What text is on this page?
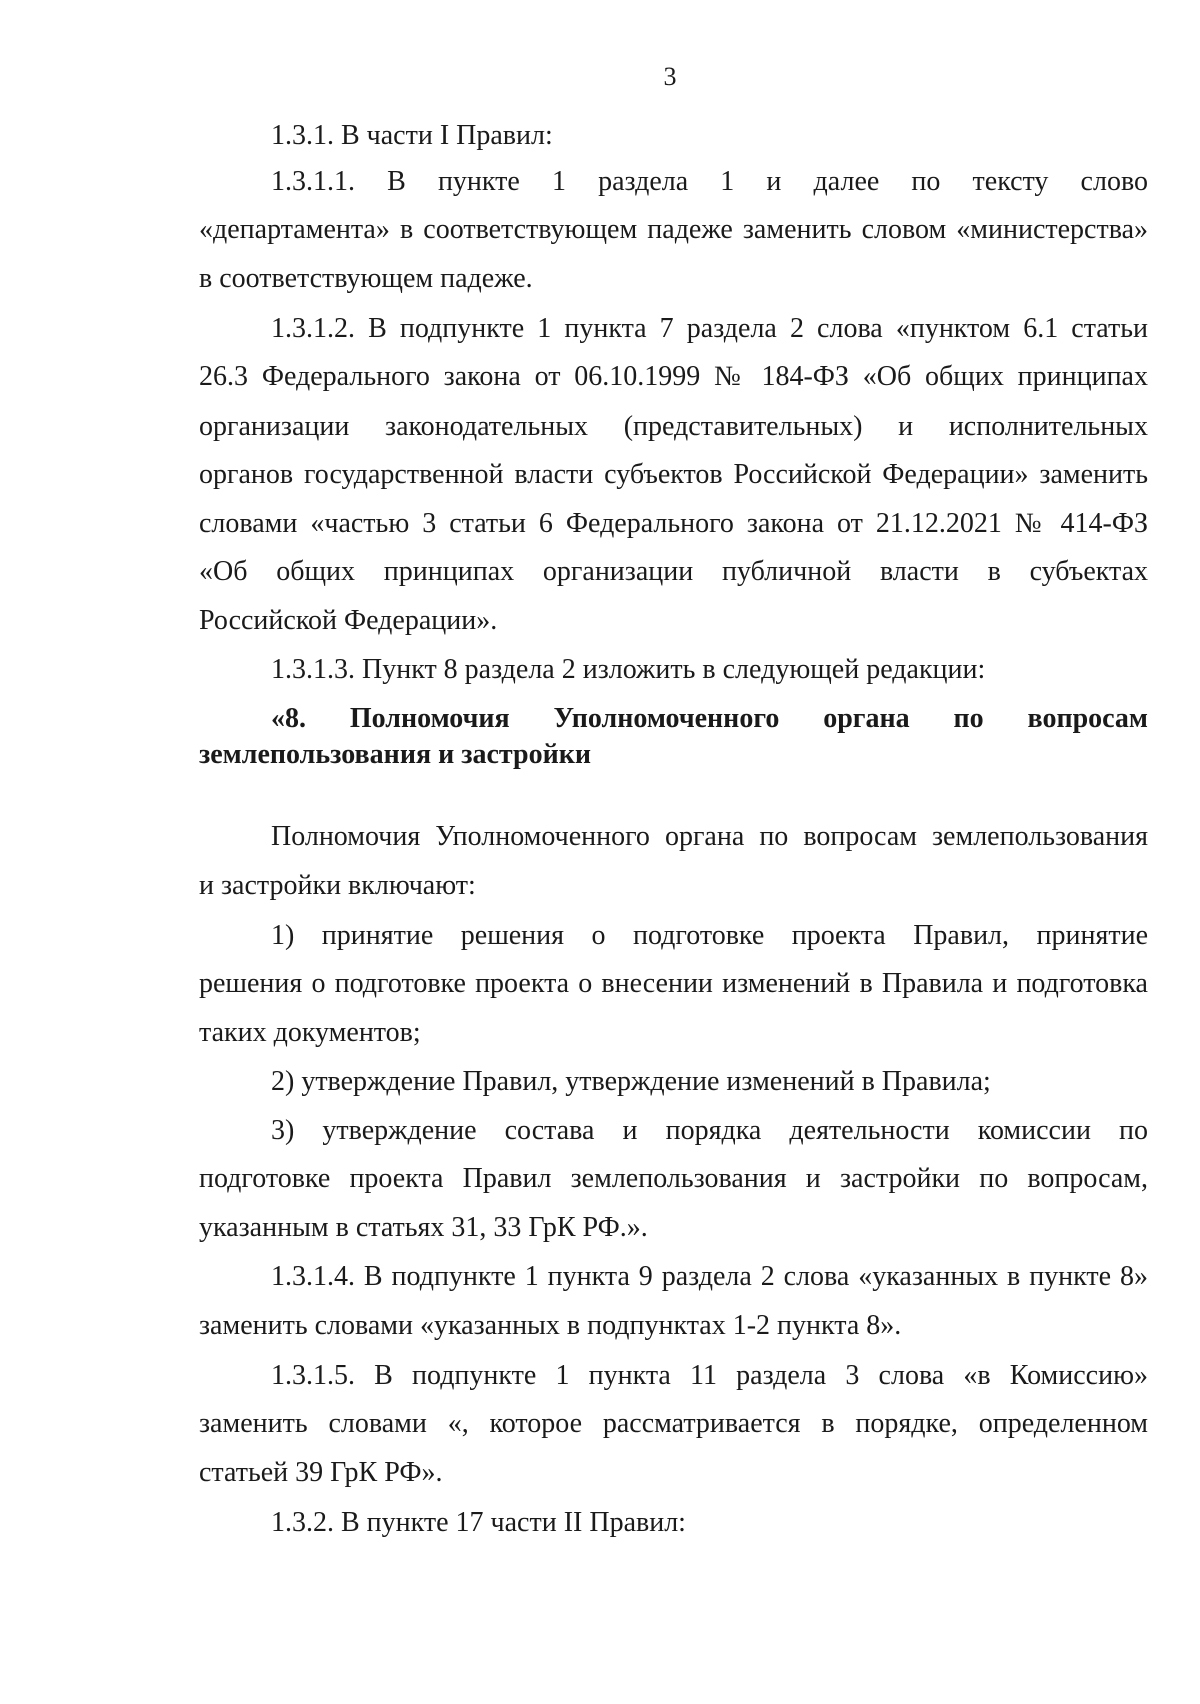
3
1.3.1. В части I Правил:
1.3.1.1. В пункте 1 раздела 1 и далее по тексту слово
«департамента» в соответствующем падеже заменить словом «министерства»
в соответствующем падеже.
1.3.1.2. В подпункте 1 пункта 7 раздела 2 слова «пунктом 6.1 статьи
26.3 Федерального закона от 06.10.1999 № 184-ФЗ «Об общих принципах
организации законодательных (представительных) и исполнительных
органов государственной власти субъектов Российской Федерации» заменить
словами «частью 3 статьи 6 Федерального закона от 21.12.2021 № 414-ФЗ
«Об общих принципах организации публичной власти в субъектах
Российской Федерации».
1.3.1.3. Пункт 8 раздела 2 изложить в следующей редакции:
«8. Полномочия Уполномоченного органа по вопросам
землепользования и застройки
Полномочия Уполномоченного органа по вопросам землепользования
и застройки включают:
1) принятие решения о подготовке проекта Правил, принятие
решения о подготовке проекта о внесении изменений в Правила и подготовка
таких документов;
2) утверждение Правил, утверждение изменений в Правила;
3) утверждение состава и порядка деятельности комиссии по
подготовке проекта Правил землепользования и застройки по вопросам,
указанным в статьях 31, 33 ГрК РФ.».
1.3.1.4. В подпункте 1 пункта 9 раздела 2 слова «указанных в пункте 8»
заменить словами «указанных в подпунктах 1-2 пункта 8».
1.3.1.5. В подпункте 1 пункта 11 раздела 3 слова «в Комиссию»
заменить словами «, которое рассматривается в порядке, определенном
статьей 39 ГрК РФ».
1.3.2. В пункте 17 части II Правил:
